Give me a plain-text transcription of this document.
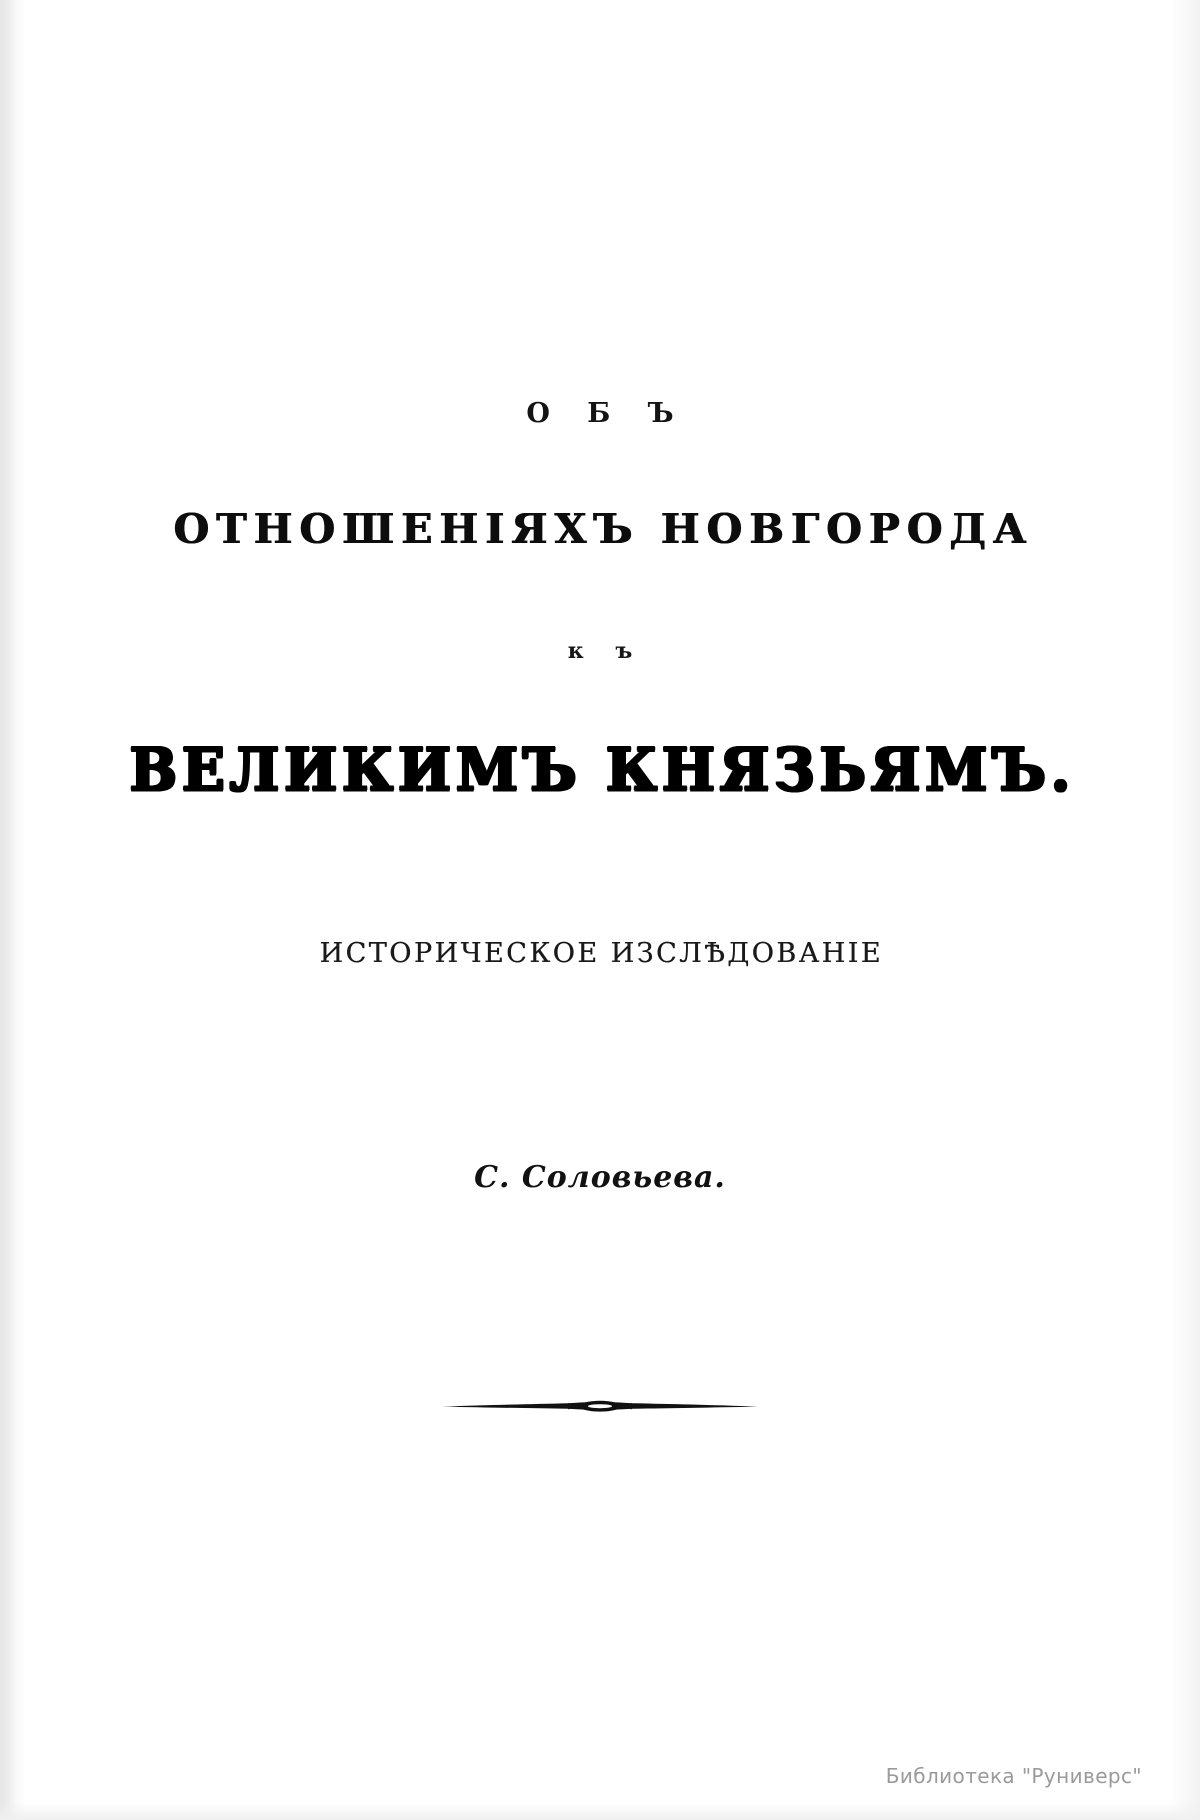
О Б Ъ
ОТНОШЕНIЯХЪ НОВГОРОДА
к ъ
ВЕЛИКИМЪ КНЯЗЬЯМЪ.
ИСТОРИЧЕСКОЕ ИЗСЛѢДОВАНIЕ
С. Соловьева.
Библиотека "Руниверс"
